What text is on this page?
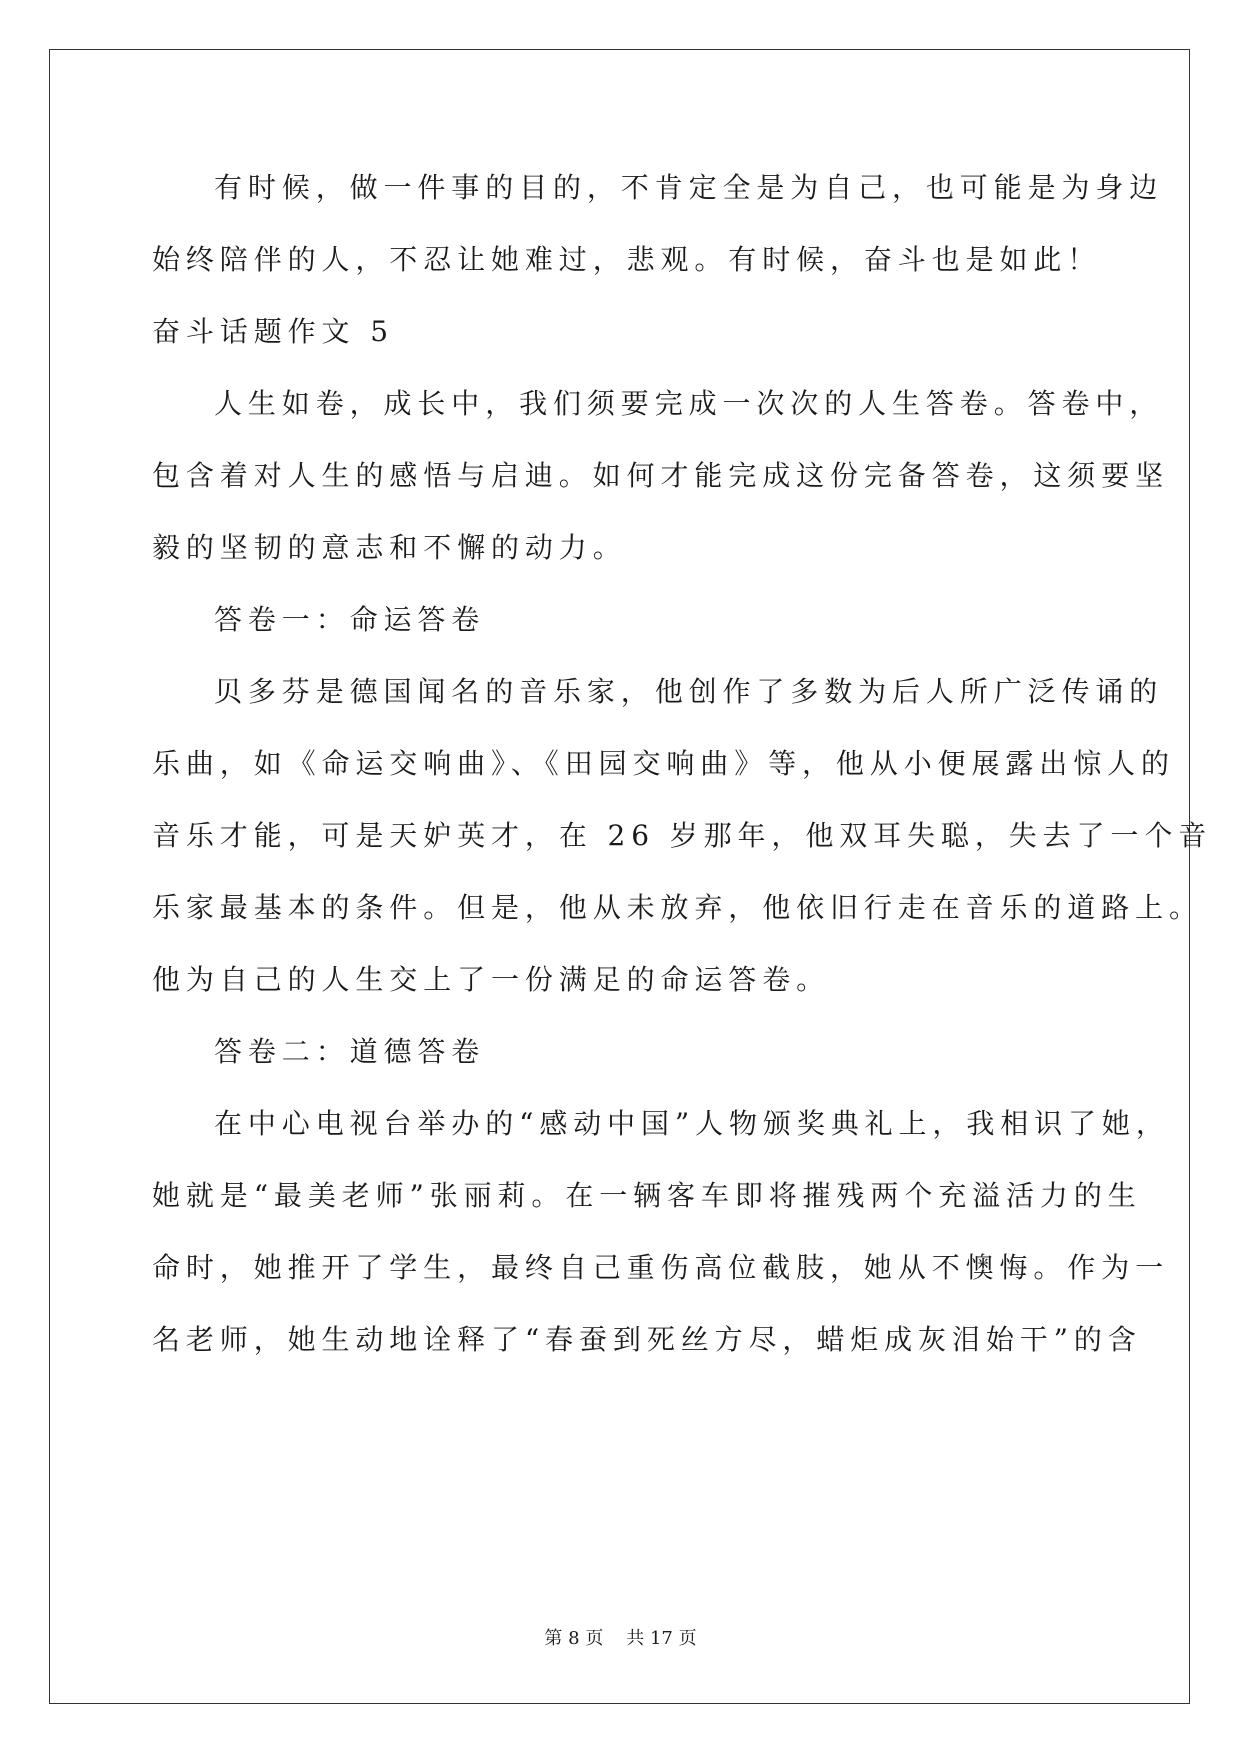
有时候，做一件事的目的，不肯定全是为自己，也可能是为身边
始终陪伴的人，不忍让她难过，悲观。有时候，奋斗也是如此！
奋斗话题作文 5
人生如卷，成长中，我们须要完成一次次的人生答卷。答卷中，
包含着对人生的感悟与启迪。如何才能完成这份完备答卷，这须要坚
毅的坚韧的意志和不懈的动力。
答卷一：命运答卷
贝多芬是德国闻名的音乐家，他创作了多数为后人所广泛传诵的
乐曲，如《命运交响曲》、《田园交响曲》等，他从小便展露出惊人的
音乐才能，可是天妒英才，在 26 岁那年，他双耳失聪，失去了一个音
乐家最基本的条件。但是，他从未放弃，他依旧行走在音乐的道路上。
他为自己的人生交上了一份满足的命运答卷。
答卷二：道德答卷
在中心电视台举办的“感动中国”人物颁奖典礼上，我相识了她，
她就是“最美老师”张丽莉。在一辆客车即将摧残两个充溢活力的生
命时，她推开了学生，最终自己重伤高位截肢，她从不懊悔。作为一
名老师，她生动地诠释了“春蚕到死丝方尽，蜡炬成灰泪始干”的含
第 8 页 共 17 页
